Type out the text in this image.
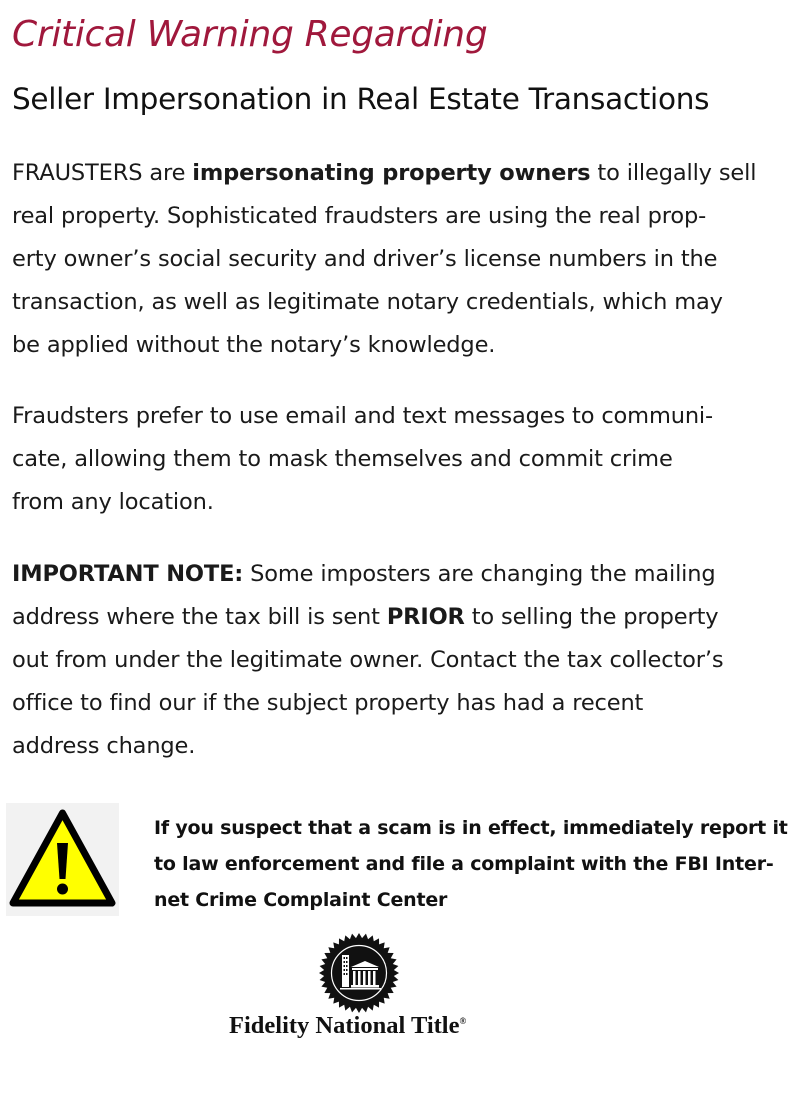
Critical Warning Regarding
Seller Impersonation in Real Estate Transactions
FRAUSTERS are impersonating property owners to illegally sell
real property. Sophisticated fraudsters are using the real prop-
erty owner’s social security and driver’s license numbers in the
transaction, as well as legitimate notary credentials, which may
be applied without the notary’s knowledge.
Fraudsters prefer to use email and text messages to communi-
cate, allowing them to mask themselves and commit crime
from any location.
IMPORTANT NOTE: Some imposters are changing the mailing
address where the tax bill is sent PRIOR to selling the property
out from under the legitimate owner. Contact the tax collector’s
office to find our if the subject property has had a recent
address change.
If you suspect that a scam is in effect, immediately report it
to law enforcement and file a complaint with the FBI Inter-
net Crime Complaint Center
Fidelity National Title®
